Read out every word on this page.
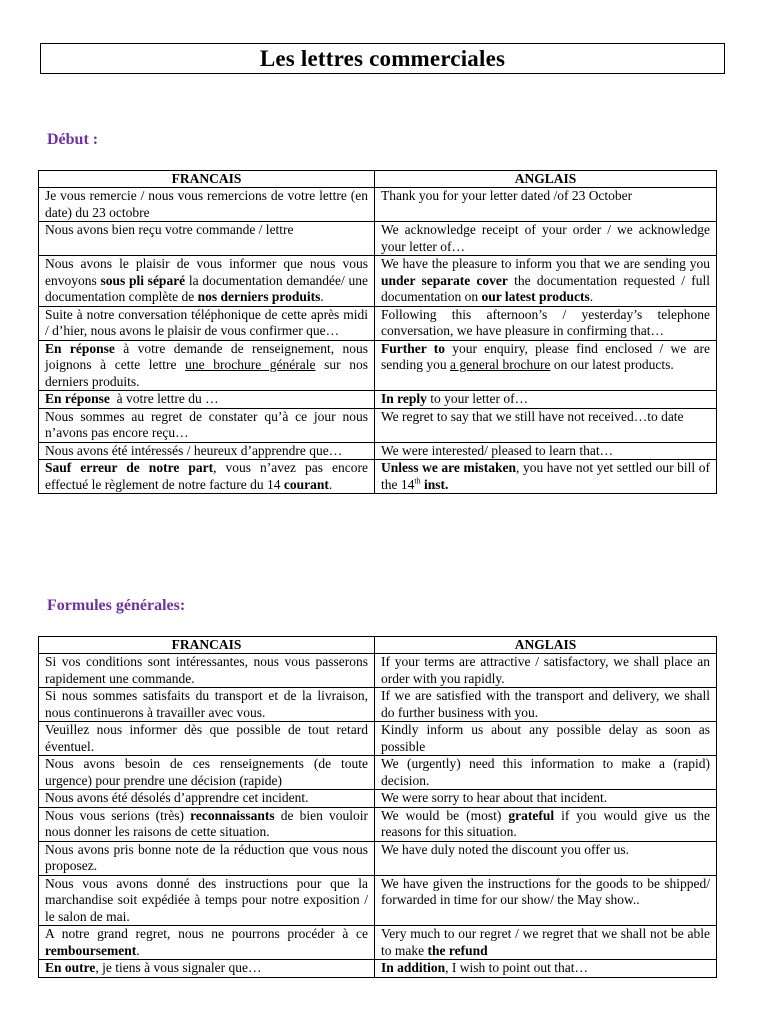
Les lettres commerciales
Début :
FRANCAIS	ANGLAIS
Je vous remercie / nous vous remercions de votre lettre (en date) du 23 octobre	Thank you for your letter dated /of 23 October
Nous avons bien reçu votre commande / lettre	We acknowledge receipt of your order / we acknowledge your letter of…
Nous avons le plaisir de vous informer que nous vous envoyons sous pli séparé la documentation demandée/ une documentation complète de nos derniers produits.	We have the pleasure to inform you that we are sending you under separate cover the documentation requested / full documentation on our latest products.
Suite à notre conversation téléphonique de cette après midi / d’hier, nous avons le plaisir de vous confirmer que…	Following this afternoon’s / yesterday’s telephone conversation, we have pleasure in confirming that…
En réponse à votre demande de renseignement, nous joignons à cette lettre une brochure générale sur nos derniers produits.	Further to your enquiry, please find enclosed / we are sending you a general brochure on our latest products.
En réponse  à votre lettre du …	In reply to your letter of…
Nous sommes au regret de constater qu’à ce jour nous n’avons pas encore reçu…	We regret to say that we still have not received…to date
Nous avons été intéressés / heureux d’apprendre que…	We were interested/ pleased to learn that…
Sauf erreur de notre part, vous n’avez pas encore effectué le règlement de notre facture du 14 courant.	Unless we are mistaken, you have not yet settled our bill of the 14th inst.
Formules générales:
FRANCAIS	ANGLAIS
Si vos conditions sont intéressantes, nous vous passerons rapidement une commande.	If your terms are attractive / satisfactory, we shall place an order with you rapidly.
Si nous sommes satisfaits du transport et de la livraison, nous continuerons à travailler avec vous.	If we are satisfied with the transport and delivery, we shall do further business with you.
Veuillez nous informer dès que possible de tout retard éventuel.	Kindly inform us about any possible delay as soon as possible
Nous avons besoin de ces renseignements (de toute urgence) pour prendre une décision (rapide)	We (urgently) need this information to make a (rapid) decision.
Nous avons été désolés d’apprendre cet incident.	We were sorry to hear about that incident.
Nous vous serions (très) reconnaissants de bien vouloir nous donner les raisons de cette situation.	We would be (most) grateful if you would give us the reasons for this situation.
Nous avons pris bonne note de la réduction que vous nous proposez.	We have duly noted the discount you offer us.
Nous vous avons donné des instructions pour que la marchandise soit expédiée à temps pour notre exposition / le salon de mai.	We have given the instructions for the goods to be shipped/ forwarded in time for our show/ the May show..
A notre grand regret, nous ne pourrons procéder à ce remboursement.	Very much to our regret / we regret that we shall not be able to make the refund
En outre, je tiens à vous signaler que…	In addition, I wish to point out that…
